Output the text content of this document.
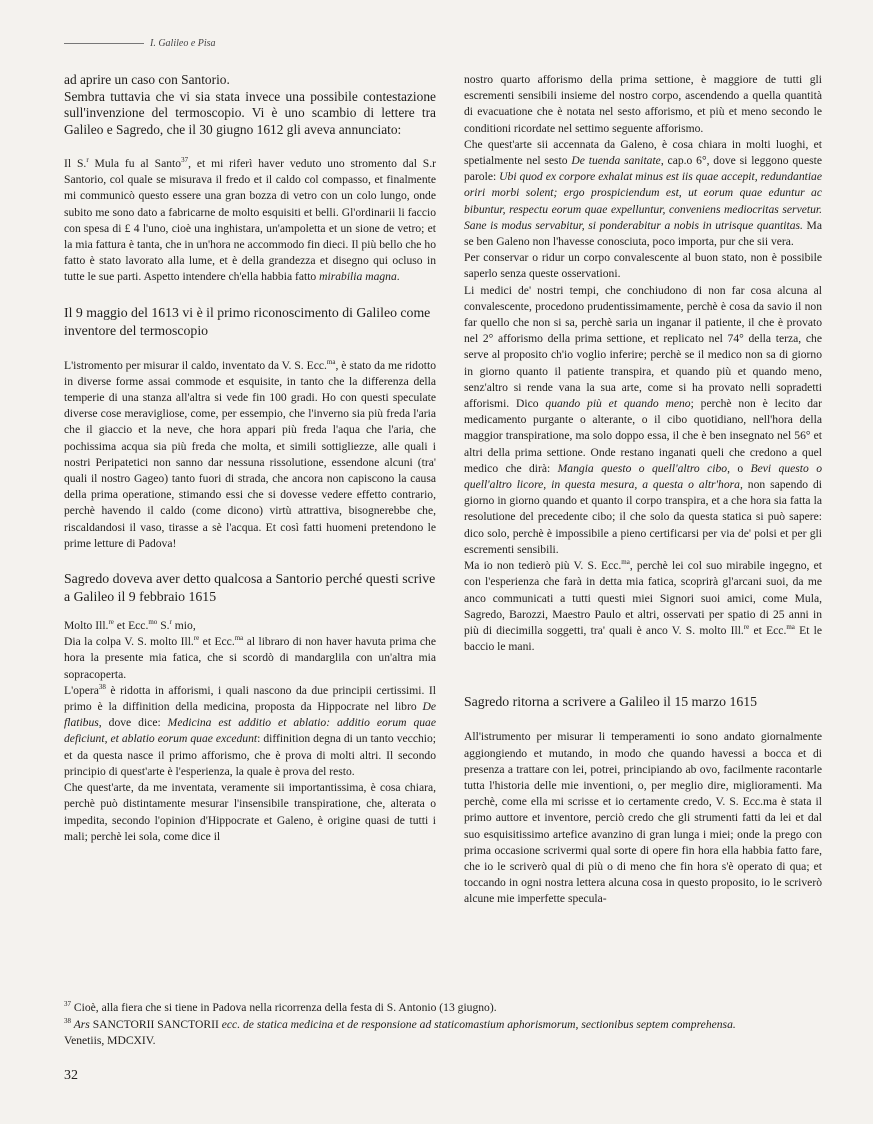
I. Galileo e Pisa

ad aprire un caso con Santorio.

Sembra tuttavia che vi sia stata invece una possibile contestazione sull'invenzione del termoscopio. Vi è uno scambio di lettere tra Galileo e Sagredo, che il 30 giugno 1612 gli aveva annunciato:

Il S.$^r$ Mula fu al Santo$^{37}$, et mi riferì haver veduto uno stromento dal S.r Santorio, col quale se misurava il fredo et il caldo col compasso, et finalmente mi communicò questo essere una gran bozza di vetro con un colo lungo, onde subito me sono dato a fabricarne de molto esquisiti et belli. Gl'ordinarii li faccio con spesa di £ 4 l'uno, cioè una inghistara, un'ampoletta et un sione de vetro; et la mia fattura è tanta, che in un'hora ne accommodo fin dieci. Il più bello che ho fatto è stato lavorato alla lume, et è della grandezza et disegno qui ocluso in tutte le sue parti. Aspetto intendere ch'ella habbia fatto mirabilia magna.

Il 9 maggio del 1613 vi è il primo riconoscimento di Galileo come inventore del termoscopio

L'istromento per misurar il caldo, inventato da V. S. Ecc.$^{ma}$, è stato da me ridotto in diverse forme assai commode et esquisite, in tanto che la differenza della temperie di una stanza all'altra si vede fin 100 gradi. Ho con questi speculate diverse cose meravigliose, come, per essempio, che l'inverno sia più freda l'aria che il giaccio et la neve, che hora appari più freda l'aqua che l'aria, che pochissima acqua sia più freda che molta, et simili sottigliezze, alle quali i nostri Peripatetici non sanno dar nessuna rissolutione, essendone alcuni (tra' quali il nostro Gageo) tanto fuori di strada, che ancora non capiscono la causa della prima operatione, stimando essi che si dovesse vedere effetto contrario, perchè havendo il caldo (come dicono) virtù attrattiva, bisognerebbe che, riscaldandosi il vaso, tirasse a sè l'acqua. Et così fatti huomeni pretendono le prime letture di Padova!

Sagredo doveva aver detto qualcosa a Santorio perché questi scrive a Galileo il 9 febbraio 1615

Molto Ill.$^{re}$ et Ecc.$^{mo}$ S.$^r$ mio,

Dia la colpa V. S. molto Ill.$^{re}$ et Ecc.$^{ma}$ al libraro di non haver havuta prima che hora la presente mia fatica, che si scordò di mandarglila con un'altra mia sopracoperta.

L'opera$^{38}$ è ridotta in afforismi, i quali nascono da due principii certissimi. Il primo è la diffinition della medicina, proposta da Hippocrate nel libro De flatibus, dove dice: Medicina est additio et ablatio: additio eorum quae deficiunt, et ablatio eorum quae excedunt: diffinition degna di un tanto vecchio; et da questa nasce il primo afforismo, che è prova di molti altri. Il secondo principio di quest'arte è l'esperienza, la quale è prova del resto.

Che quest'arte, da me inventata, veramente sii importantissima, è cosa chiara, perchè può distintamente mesurar l'insensibile transpiratione, che, alterata o impedita, secondo l'opinion d'Hippocrate et Galeno, è origine quasi de tutti i mali; perchè lei sola, come dice il

nostro quarto afforismo della prima settione, è maggiore de tutti gli escrementi sensibili insieme del nostro corpo, ascendendo a quella quantità di evacuatione che è notata nel sesto afforismo, et più et meno secondo le conditioni ricordate nel settimo seguente afforismo.

Che quest'arte sii accennata da Galeno, è cosa chiara in molti luoghi, et spetialmente nel sesto De tuenda sanitate, cap.o 6°, dove si leggono queste parole: Ubi quod ex corpore exhalat minus est iis quae accepit, redundantiae oriri morbi solent; ergo prospiciendum est, ut eorum quae eduntur ac bibuntur, respectu eorum quae expelluntur, conveniens mediocritas servetur. Sane is modus servabitur, si ponderabitur a nobis in utrisque quantitas. Ma se ben Galeno non l'havesse conosciuta, poco importa, pur che sii vera.

Per conservar o ridur un corpo convalescente al buon stato, non è possibile saperlo senza queste osservationi.

Li medici de' nostri tempi, che conchiudono di non far cosa alcuna al convalescente, procedono prudentissimamente, perchè è cosa da savio il non far quello che non si sa, perchè saria un inganar il patiente, il che è provato nel 2° afforismo della prima settione, et replicato nel 74° della terza, che serve al proposito ch'io voglio inferire; perchè se il medico non sa di giorno in giorno quanto il patiente transpira, et quando più et quando meno, senz'altro si rende vana la sua arte, come si ha provato nelli sopradetti afforismi. Dico quando più et quando meno; perchè non è lecito dar medicamento purgante o alterante, o il cibo quotidiano, nell'hora della maggior transpiratione, ma solo doppo essa, il che è ben insegnato nel 56° et altri della prima settione. Onde restano inganati queli che credono a quel medico che dirà: Mangia questo o quell'altro cibo, o Bevi questo o quell'altro licore, in questa mesura, a questa o altr'hora, non sapendo di giorno in giorno quando et quanto il corpo transpira, et a che hora sia fatta la resolutione del precedente cibo; il che solo da questa statica si può sapere: dico solo, perchè è impossibile a pieno certificarsi per via de' polsi et per gli escrementi sensibili.

Ma io non tedierò più V. S. Ecc.$^{ma}$, perchè lei col suo mirabile ingegno, et con l'esperienza che farà in detta mia fatica, scoprirà gl'arcani suoi, da me anco communicati a tutti questi miei Signori suoi amici, come Mula, Sagredo, Barozzi, Maestro Paulo et altri, osservati per spatio di 25 anni in più di diecimilla soggetti, tra' quali è anco V. S. molto Ill.$^{re}$ et Ecc.$^{ma}$ Et le baccio le mani.

Sagredo ritorna a scrivere a Galileo il 15 marzo 1615

All'istrumento per misurar li temperamenti io sono andato giornalmente aggiongiendo et mutando, in modo che quando havessi a bocca et di presenza a trattare con lei, potrei, principiando ab ovo, facilmente racontarle tutta l'historia delle mie inventioni, o, per meglio dire, miglioramenti. Ma perchè, come ella mi scrisse et io certamente credo, V. S. Ecc.ma è stata il primo auttore et inventore, perciò credo che gli strumenti fatti da lei et dal suo esquisitissimo artefice avanzino di gran lunga i miei; onde la prego con prima occasione scrivermi qual sorte di opere fin hora ella habbia fatto fare, che io le scriverò qual di più o di meno che fin hora s'è operato di qua; et toccando in ogni nostra lettera alcuna cosa in questo proposito, io le scriverò alcune mie imperfette specula-

$^{37}$ Cioè, alla fiera che si tiene in Padova nella ricorrenza della festa di S. Antonio (13 giugno).

$^{38}$ Ars SANCTORII SANCTORII ecc. de statica medicina et de responsione ad staticomastium aphorismorum, sectionibus septem comprehensa.

Venetiis, MDCXIV.

32
